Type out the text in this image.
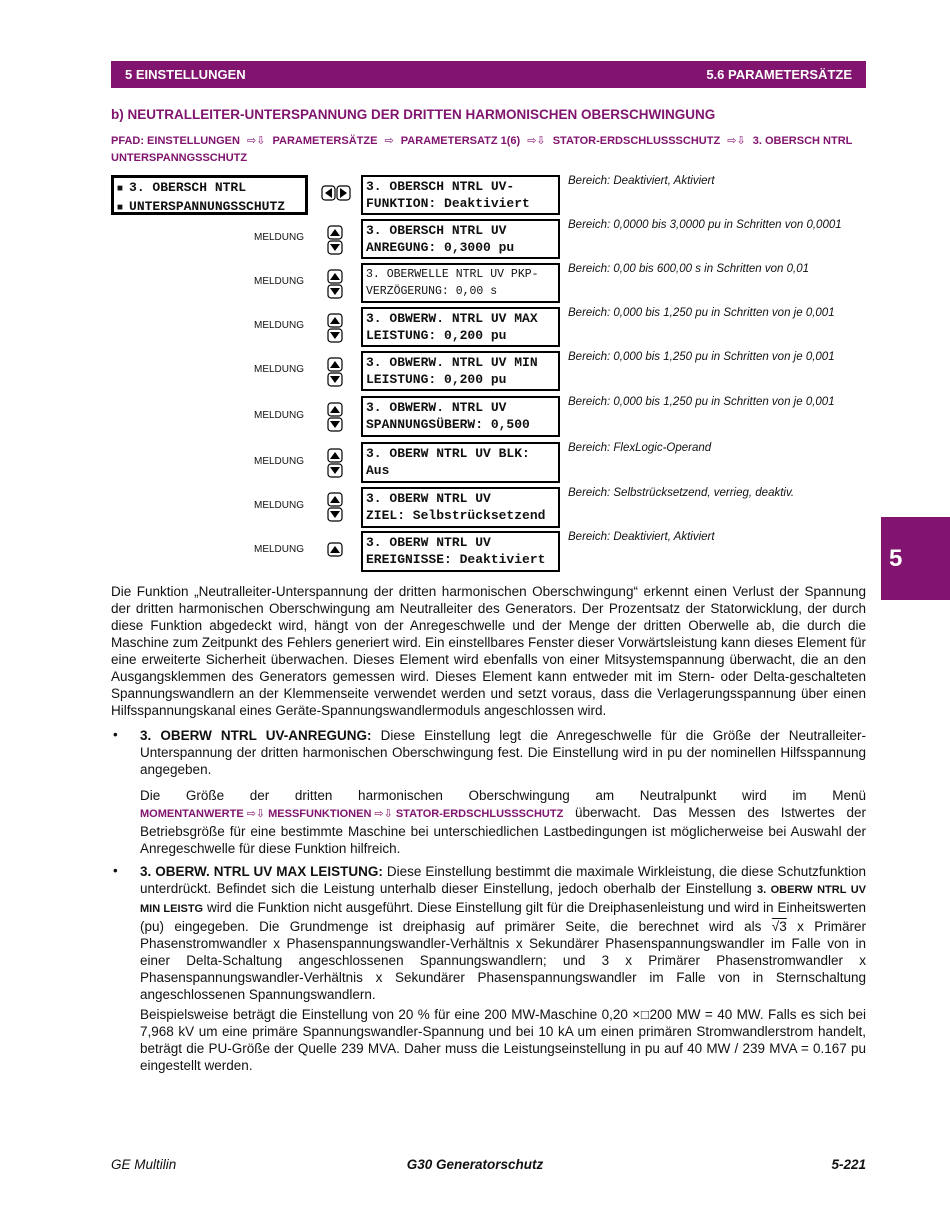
5 EINSTELLUNGEN	5.6 PARAMETERSÄTZE
5
b) NEUTRALLEITER-UNTERSPANNUNG DER DRITTEN HARMONISCHEN OBERSCHWINGUNG
PFAD: EINSTELLUNGEN ⇨⇩ PARAMETERSÄTZE ⇨ PARAMETERSATZ 1(6) ⇨⇩ STATOR-ERDSCHLUSSSCHUTZ ⇨⇩ 3. OBERSCH NTRL UNTERSPANNGSSCHUTZ
■ 3. OBERSCH NTRL
■ UNTERSPANNUNGSSCHUTZ
3. OBERSCH NTRL UV-
FUNKTION: Deaktiviert
Bereich: Deaktiviert, Aktiviert
MELDUNG	3. OBERSCH NTRL UV
ANREGUNG: 0,3000 pu
Bereich: 0,0000 bis 3,0000 pu in Schritten von 0,0001
MELDUNG
3. OBERWELLE NTRL UV PKP-
VERZÖGERUNG: 0,00 s
Bereich: 0,00 bis 600,00 s in Schritten von 0,01
MELDUNG	3. OBWERW. NTRL UV MAX
LEISTUNG: 0,200 pu
Bereich: 0,000 bis 1,250 pu in Schritten von je 0,001
MELDUNG	3. OBWERW. NTRL UV MIN
LEISTUNG: 0,200 pu
Bereich: 0,000 bis 1,250 pu in Schritten von je 0,001
MELDUNG
3. OBWERW. NTRL UV
SPANNUNGSÜBERW: 0,500
Bereich: 0,000 bis 1,250 pu in Schritten von je 0,001
MELDUNG
3. OBERW NTRL UV BLK:
Aus
Bereich: FlexLogic-Operand
MELDUNG	3. OBERW NTRL UV
ZIEL: Selbstrücksetzend
Bereich: Selbstrücksetzend, verrieg, deaktiv.
MELDUNG	3. OBERW NTRL UV
EREIGNISSE: Deaktiviert
Bereich: Deaktiviert, Aktiviert

Die Funktion „Neutralleiter-Unterspannung der dritten harmonischen Oberschwingung“ erkennt einen Verlust der Spannung der dritten harmonischen Oberschwingung am Neutralleiter des Generators. Der Prozentsatz der Statorwicklung, der durch diese Funktion abgedeckt wird, hängt von der Anregeschwelle und der Menge der dritten Oberwelle ab, die durch die Maschine zum Zeitpunkt des Fehlers generiert wird. Ein einstellbares Fenster dieser Vorwärtsleistung kann dieses Element für eine erweiterte Sicherheit überwachen. Dieses Element wird ebenfalls von einer Mitsystemspannung überwacht, die an den Ausgangsklemmen des Generators gemessen wird. Dieses Element kann entweder mit im Stern- oder Delta-geschalteten Spannungswandlern an der Klemmenseite verwendet werden und setzt voraus, dass die Verlagerungsspannung über einen Hilfsspannungskanal eines Geräte-Spannungswandlermoduls angeschlossen wird.

• 3. OBERW NTRL UV-ANREGUNG: Diese Einstellung legt die Anregeschwelle für die Größe der Neutralleiter-Unterspannung der dritten harmonischen Oberschwingung fest. Die Einstellung wird in pu der nominellen Hilfsspannung angegeben.

Die Größe der dritten harmonischen Oberschwingung am Neutralpunkt wird im Menü MOMENTANWERTE ⇨⇩ MESSFUNKTIONEN ⇨⇩ STATOR-ERDSCHLUSSSCHUTZ überwacht. Das Messen des Istwertes der Betriebsgröße für eine bestimmte Maschine bei unterschiedlichen Lastbedingungen ist möglicherweise bei Auswahl der Anregeschwelle für diese Funktion hilfreich.

• 3. OBERW. NTRL UV MAX LEISTUNG: Diese Einstellung bestimmt die maximale Wirkleistung, die diese Schutzfunktion unterdrückt. Befindet sich die Leistung unterhalb dieser Einstellung, jedoch oberhalb der Einstellung 3. OBERW NTRL UV MIN LEISTG wird die Funktion nicht ausgeführt. Diese Einstellung gilt für die Dreiphasenleistung und wird in Einheitswerten (pu) eingegeben. Die Grundmenge ist dreiphasig auf primärer Seite, die berechnet wird als √3 x Primärer Phasenstromwandler x Phasenspannungswandler-Verhältnis x Sekundärer Phasenspannungswandler im Falle von in einer Delta-Schaltung angeschlossenen Spannungswandlern; und 3 x Primärer Phasenstromwandler x Phasenspannungswandler-Verhältnis x Sekundärer Phasenspannungswandler im Falle von in Sternschaltung angeschlossenen Spannungswandlern.

Beispielsweise beträgt die Einstellung von 20 % für eine 200 MW-Maschine 0,20 ×□200 MW = 40 MW. Falls es sich bei 7,968 kV um eine primäre Spannungswandler-Spannung und bei 10 kA um einen primären Stromwandlerstrom handelt, beträgt die PU-Größe der Quelle 239 MVA. Daher muss die Leistungseinstellung in pu auf 40 MW / 239 MVA = 0.167 pu eingestellt werden.

GE Multilin	G30 Generatorschutz	5-221
